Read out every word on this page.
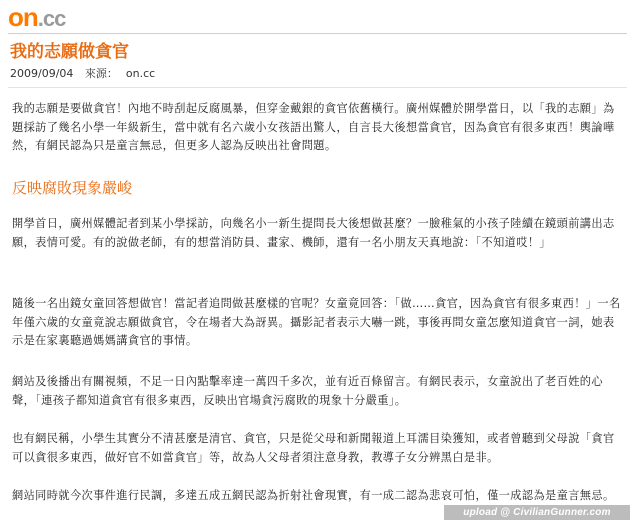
on.cc
我的志願做貪官
2009/09/04 來源： on.cc

我的志願是要做貪官！內地不時刮起反腐風暴，但穿金戴銀的貪官依舊橫行。廣州媒體於開學當日，以「我的志願」為題採訪了幾名小學一年級新生，當中就有名六歲小女孩語出驚人，自言長大後想當貪官，因為貪官有很多東西！輿論嘩然，有網民認為只是童言無忌，但更多人認為反映出社會問題。

反映腐敗現象嚴峻

開學首日，廣州媒體記者到某小學採訪，向幾名小一新生提問長大後想做甚麼？一臉稚氣的小孩子陸續在鏡頭前講出志願，表情可愛。有的說做老師，有的想當消防員、畫家、機師，還有一名小朋友天真地說：「不知道哎！」

隨後一名出鏡女童回答想做官！當記者追問做甚麼樣的官呢？女童竟回答：「做……貪官，因為貪官有很多東西！」一名年僅六歲的女童竟說志願做貪官，令在場者大為訝異。攝影記者表示大嚇一跳，事後再問女童怎麼知道貪官一詞，她表示是在家裏聽過媽媽講貪官的事情。

網站及後播出有關視頻，不足一日內點擊率達一萬四千多次，並有近百條留言。有網民表示，女童說出了老百姓的心聲，「連孩子都知道貪官有很多東西，反映出官場貪污腐敗的現象十分嚴重」。

也有網民稱，小學生其實分不清甚麼是清官、貪官，只是從父母和新聞報道上耳濡目染獲知，或者曾聽到父母說「貪官可以貪很多東西，做好官不如當貪官」等，故為人父母者須注意身教，教導子女分辨黑白是非。

網站同時就今次事件進行民調，多達五成五網民認為折射社會現實，有一成二認為悲哀可怕，僅一成認為是童言無忌。

upload @ CivilianGunner.com
